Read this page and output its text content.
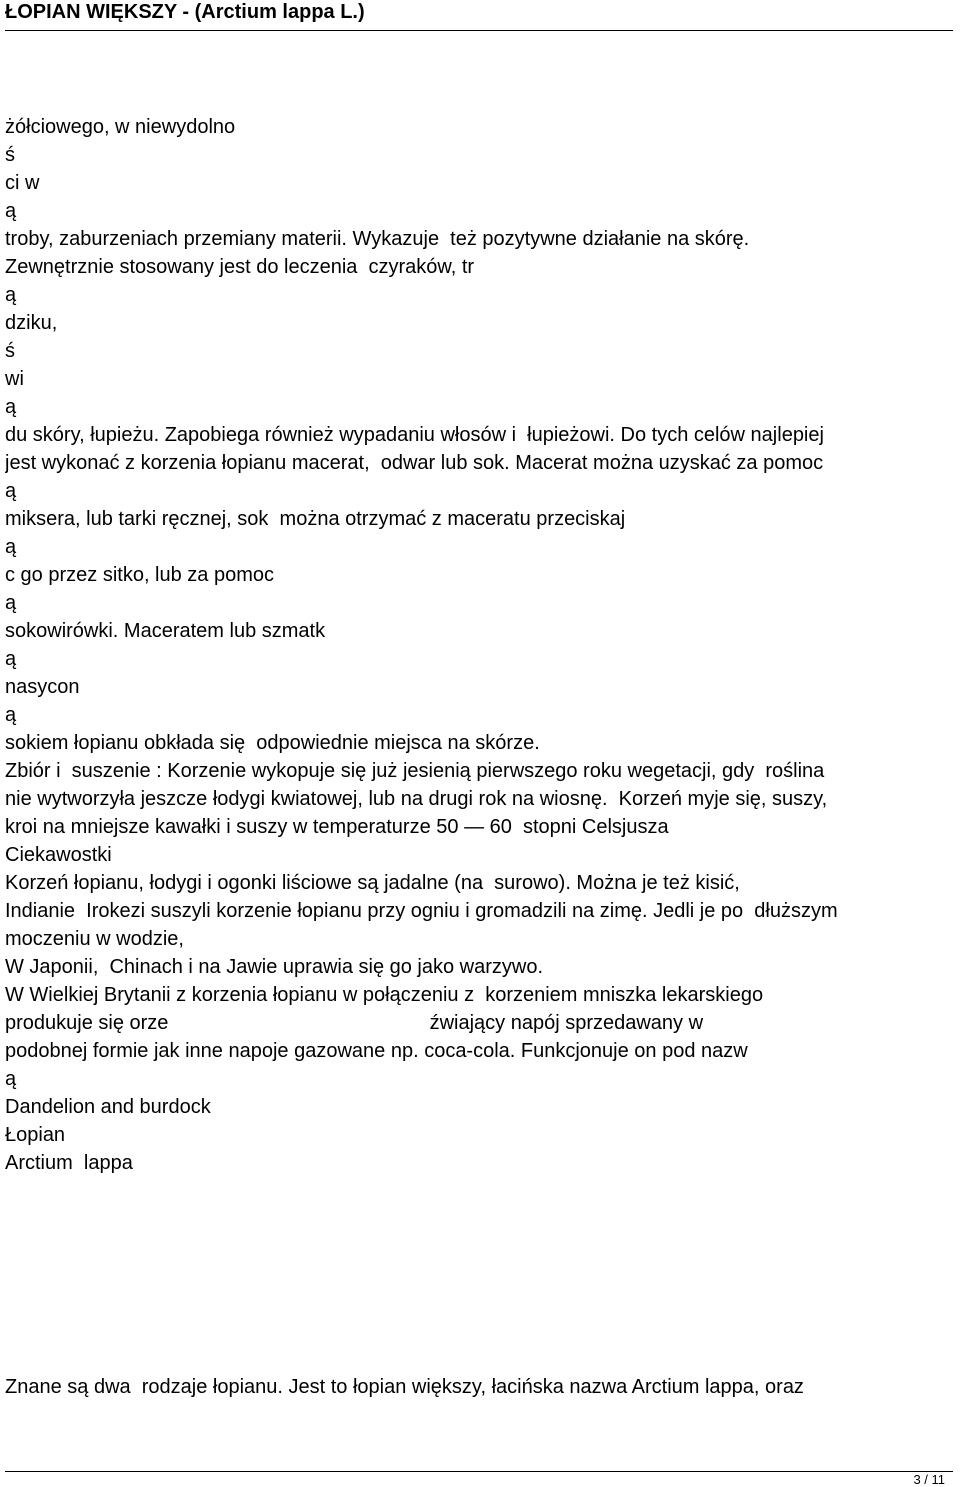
ŁOPIAN WIĘKSZY - (Arctium lappa L.)
żółciowego, w niewydolno
ś
ci w
ą
troby, zaburzeniach przemiany materii. Wykazuje  też pozytywne działanie na skórę.
Zewnętrznie stosowany jest do leczenia  czyraków, tr
ą
dziku,
ś
wi
ą
du skóry, łupieżu. Zapobiega również wypadaniu włosów i  łupieżowi. Do tych celów najlepiej
jest wykonać z korzenia łopianu macerat,  odwar lub sok. Macerat można uzyskać za pomoc
ą
miksera, lub tarki ręcznej, sok  można otrzymać z maceratu przeciskaj
ą
c go przez sitko, lub za pomoc
ą
sokowirówki. Maceratem lub szmatk
ą
nasycon
ą
sokiem łopianu obkłada się  odpowiednie miejsca na skórze.
Zbiór i  suszenie : Korzenie wykopuje się już jesienią pierwszego roku wegetacji, gdy  roślina
nie wytworzyła jeszcze łodygi kwiatowej, lub na drugi rok na wiosnę.  Korzeń myje się, suszy,
kroi na mniejsze kawałki i suszy w temperaturze 50 — 60  stopni Celsjusza
Ciekawostki
Korzeń łopianu, łodygi i ogonki liściowe są jadalne (na  surowo). Można je też kisić,
Indianie  Irokezi suszyli korzenie łopianu przy ogniu i gromadzili na zimę. Jedli je po  dłuższym
moczeniu w wodzie,
W Japonii,  Chinach i na Jawie uprawia się go jako warzywo.
W Wielkiej Brytanii z korzenia łopianu w połączeniu z  korzeniem mniszka lekarskiego
produkuje się orze                                               źwiający napój sprzedawany w
podobnej formie jak inne napoje gazowane np. coca-cola. Funkcjonuje on pod nazw
ą
Dandelion and burdock
Łopian
Arctium  lappa
Znane są dwa  rodzaje łopianu. Jest to łopian większy, łacińska nazwa Arctium lappa, oraz
3 / 11
